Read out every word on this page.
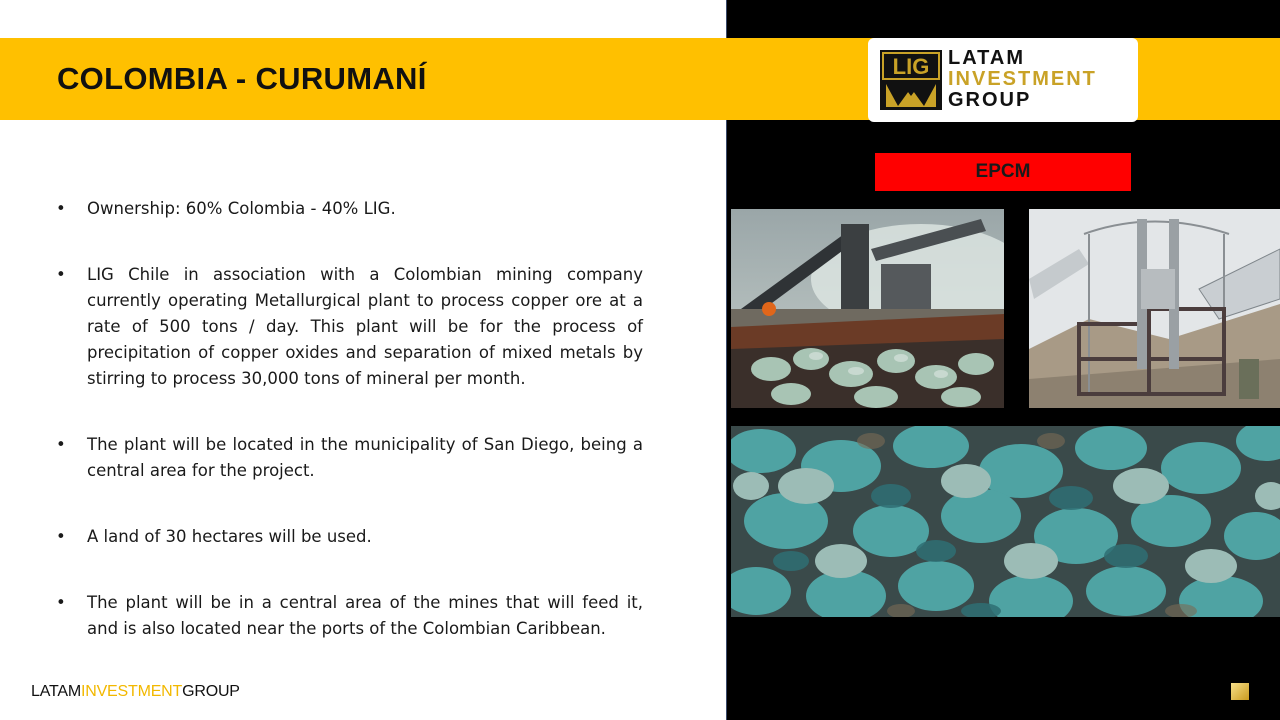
COLOMBIA - CURUMANÍ	LIG LATAM
INVESTMENT
GROUP
EPCM
• Ownership: 60% Colombia - 40% LIG.
• LIG Chile in association with a Colombian mining company currently operating Metallurgical plant to process copper ore at a rate of 500 tons / day. This plant will be for the process of precipitation of copper oxides and separation of mixed metals by stirring to process 30,000 tons of mineral per month.
• The plant will be located in the municipality of San Diego, being a central area for the project.
• A land of 30 hectares will be used.
• The plant will be in a central area of the mines that will feed it, and is also located near the ports of the Colombian Caribbean.
LATAMINVESTMENTGROUP
